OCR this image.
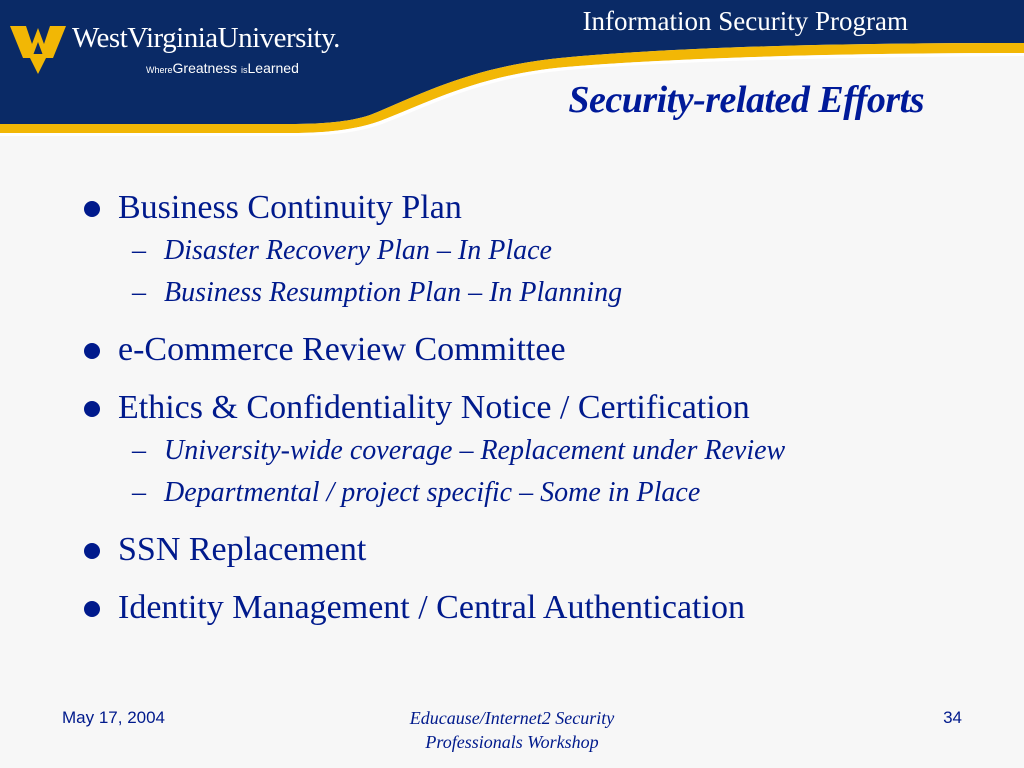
WestVirginiaUniversity.
WhereGreatness isLearned
Information Security Program
Security-related Efforts
Business Continuity Plan
– Disaster Recovery Plan – In Place
– Business Resumption Plan – In Planning
e-Commerce Review Committee
Ethics & Confidentiality Notice / Certification
– University-wide coverage – Replacement under Review
– Departmental / project specific – Some in Place
SSN Replacement
Identity Management / Central Authentication
May 17, 2004	Educause/Internet2 Security
Professionals Workshop
34
